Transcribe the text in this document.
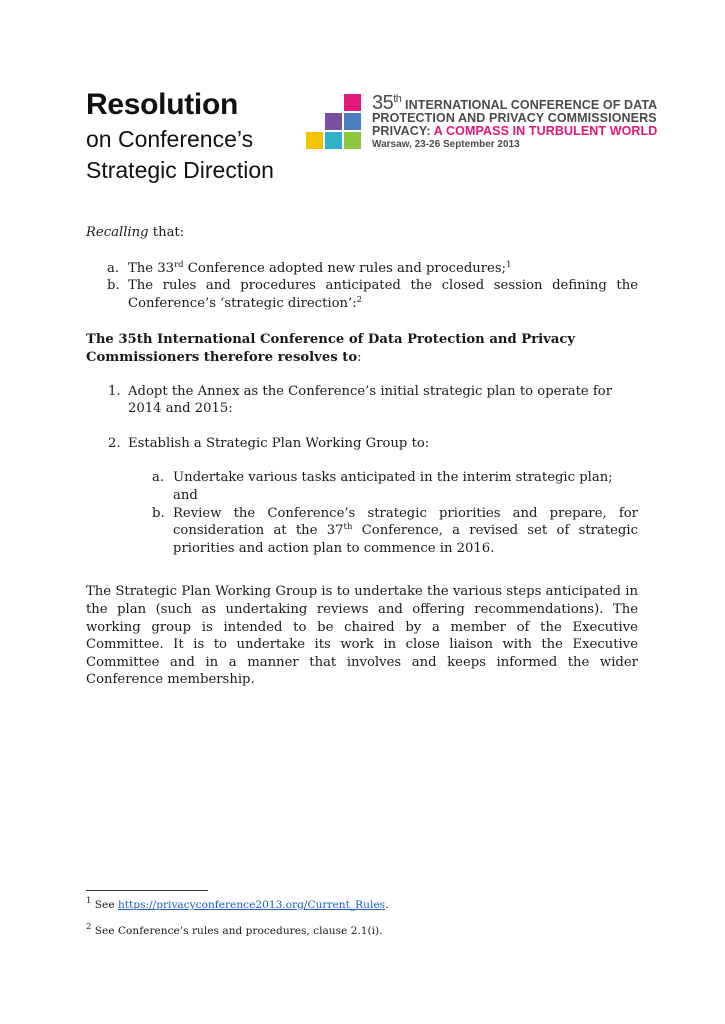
Resolution

on Conference’s

Strategic Direction

35th INTERNATIONAL CONFERENCE OF DATA
PROTECTION AND PRIVACY COMMISSIONERS
PRIVACY: A COMPASS IN TURBULENT WORLD
Warsaw, 23-26 September 2013

Recalling that:

a. The 33rd Conference adopted new rules and procedures;$^1$
b. The rules and procedures anticipated the closed session defining the Conference’s ‘strategic direction’:$^2$

The 35th International Conference of Data Protection and Privacy Commissioners therefore resolves to:

1. Adopt the Annex as the Conference’s initial strategic plan to operate for 2014 and 2015:
2. Establish a Strategic Plan Working Group to:
a. Undertake various tasks anticipated in the interim strategic plan; and
b. Review the Conference’s strategic priorities and prepare, for consideration at the 37th Conference, a revised set of strategic priorities and action plan to commence in 2016.

The Strategic Plan Working Group is to undertake the various steps anticipated in the plan (such as undertaking reviews and offering recommendations). The working group is intended to be chaired by a member of the Executive Committee. It is to undertake its work in close liaison with the Executive Committee and in a manner that involves and keeps informed the wider Conference membership.

$^1$ See https://privacyconference2013.org/Current_Rules.

$^2$ See Conference’s rules and procedures, clause 2.1(i).
